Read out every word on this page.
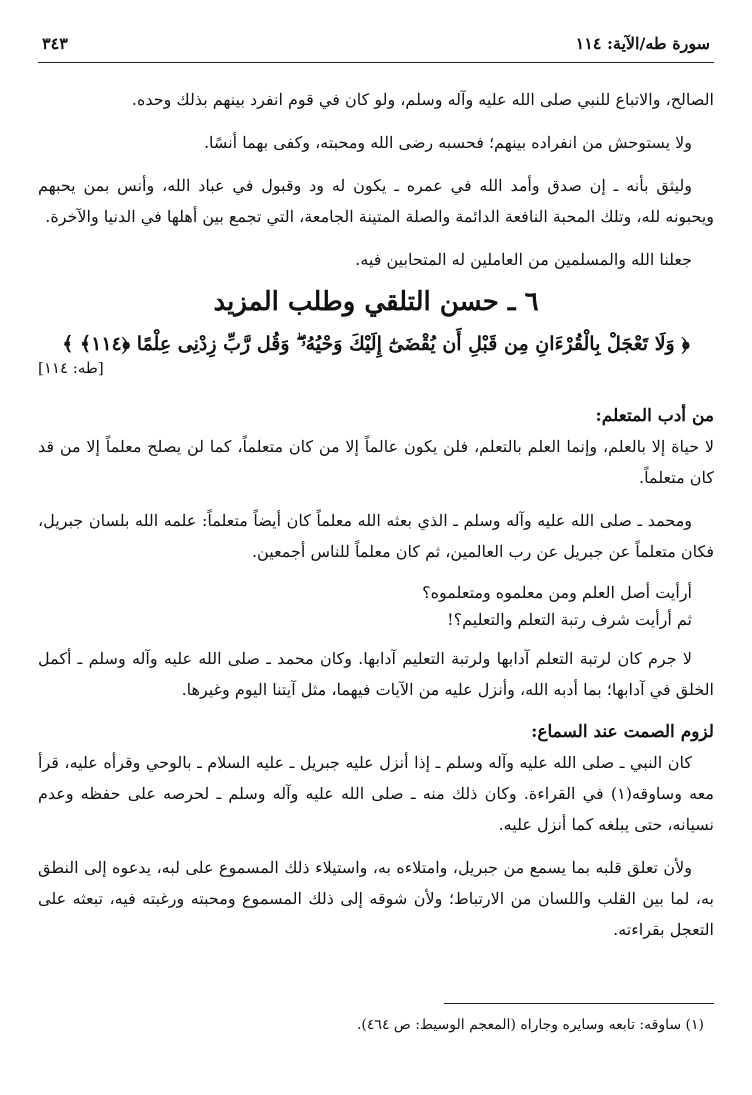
سورة طه/الآية: ١١٤
٣٤٣

الصالح، والاتباع للنبي صلى الله عليه وآله وسلم، ولو كان في قوم انفرد بينهم بذلك وحده.

ولا يستوحش من انفراده بينهم؛ فحسبه رضى الله ومحبته، وكفى بهما أنسًا.

وليثق بأنه ـ إن صدق وأمد الله في عمره ـ يكون له ود وقبول في عباد الله، وأنس بمن يحبهم ويحبونه لله، وتلك المحبة النافعة الدائمة والصلة المتينة الجامعة، التي تجمع بين أهلها في الدنيا والآخرة.

جعلنا الله والمسلمين من العاملين له المتحابين فيه.

٦ ـ حسن التلقي وطلب المزيد
﴿ وَلَا تَعْجَلْ بِالْقُرْءَانِ مِن قَبْلِ أَن يُقْضَىٰٓ إِلَيْكَ وَحْيُهُۥ ۖ وَقُل رَّبِّ زِدْنِى عِلْمًا ﴿١١٤﴾ ﴾
[طه: ١١٤]
من أدب المتعلم:

لا حياة إلا بالعلم، وإنما العلم بالتعلم، فلن يكون عالماً إلا من كان متعلماً، كما لن يصلح معلماً إلا من قد كان متعلماً.

ومحمد ـ صلى الله عليه وآله وسلم ـ الذي بعثه الله معلماً كان أيضاً متعلماً: علمه الله بلسان جبريل، فكان متعلماً عن جبريل عن رب العالمين، ثم كان معلماً للناس أجمعين.

أرأيت أصل العلم ومن معلموه ومتعلموه؟
ثم أرأيت شرف رتبة التعلم والتعليم؟!

لا جرم كان لرتبة التعلم آدابها ولرتبة التعليم آدابها. وكان محمد ـ صلى الله عليه وآله وسلم ـ أكمل الخلق في آدابها؛ بما أدبه الله، وأنزل عليه من الآيات فيهما، مثل آيتنا اليوم وغيرها.

لزوم الصمت عند السماع:

كان النبي ـ صلى الله عليه وآله وسلم ـ إذا أنزل عليه جبريل ـ عليه السلام ـ بالوحي وقرأه عليه، قرأ معه وساوقه(١) في القراءة. وكان ذلك منه ـ صلى الله عليه وآله وسلم ـ لحرصه على حفظه وعدم نسيانه، حتى يبلغه كما أنزل عليه.

ولأن تعلق قلبه بما يسمع من جبريل، وامتلاءه به، واستيلاء ذلك المسموع على لبه، يدعوه إلى النطق به، لما بين القلب واللسان من الارتباط؛ ولأن شوقه إلى ذلك المسموع ومحبته ورغبته فيه، تبعثه على التعجل بقراءته.

(١) ساوقه: تابعه وسايره وجاراه (المعجم الوسيط: ص ٤٦٤).
